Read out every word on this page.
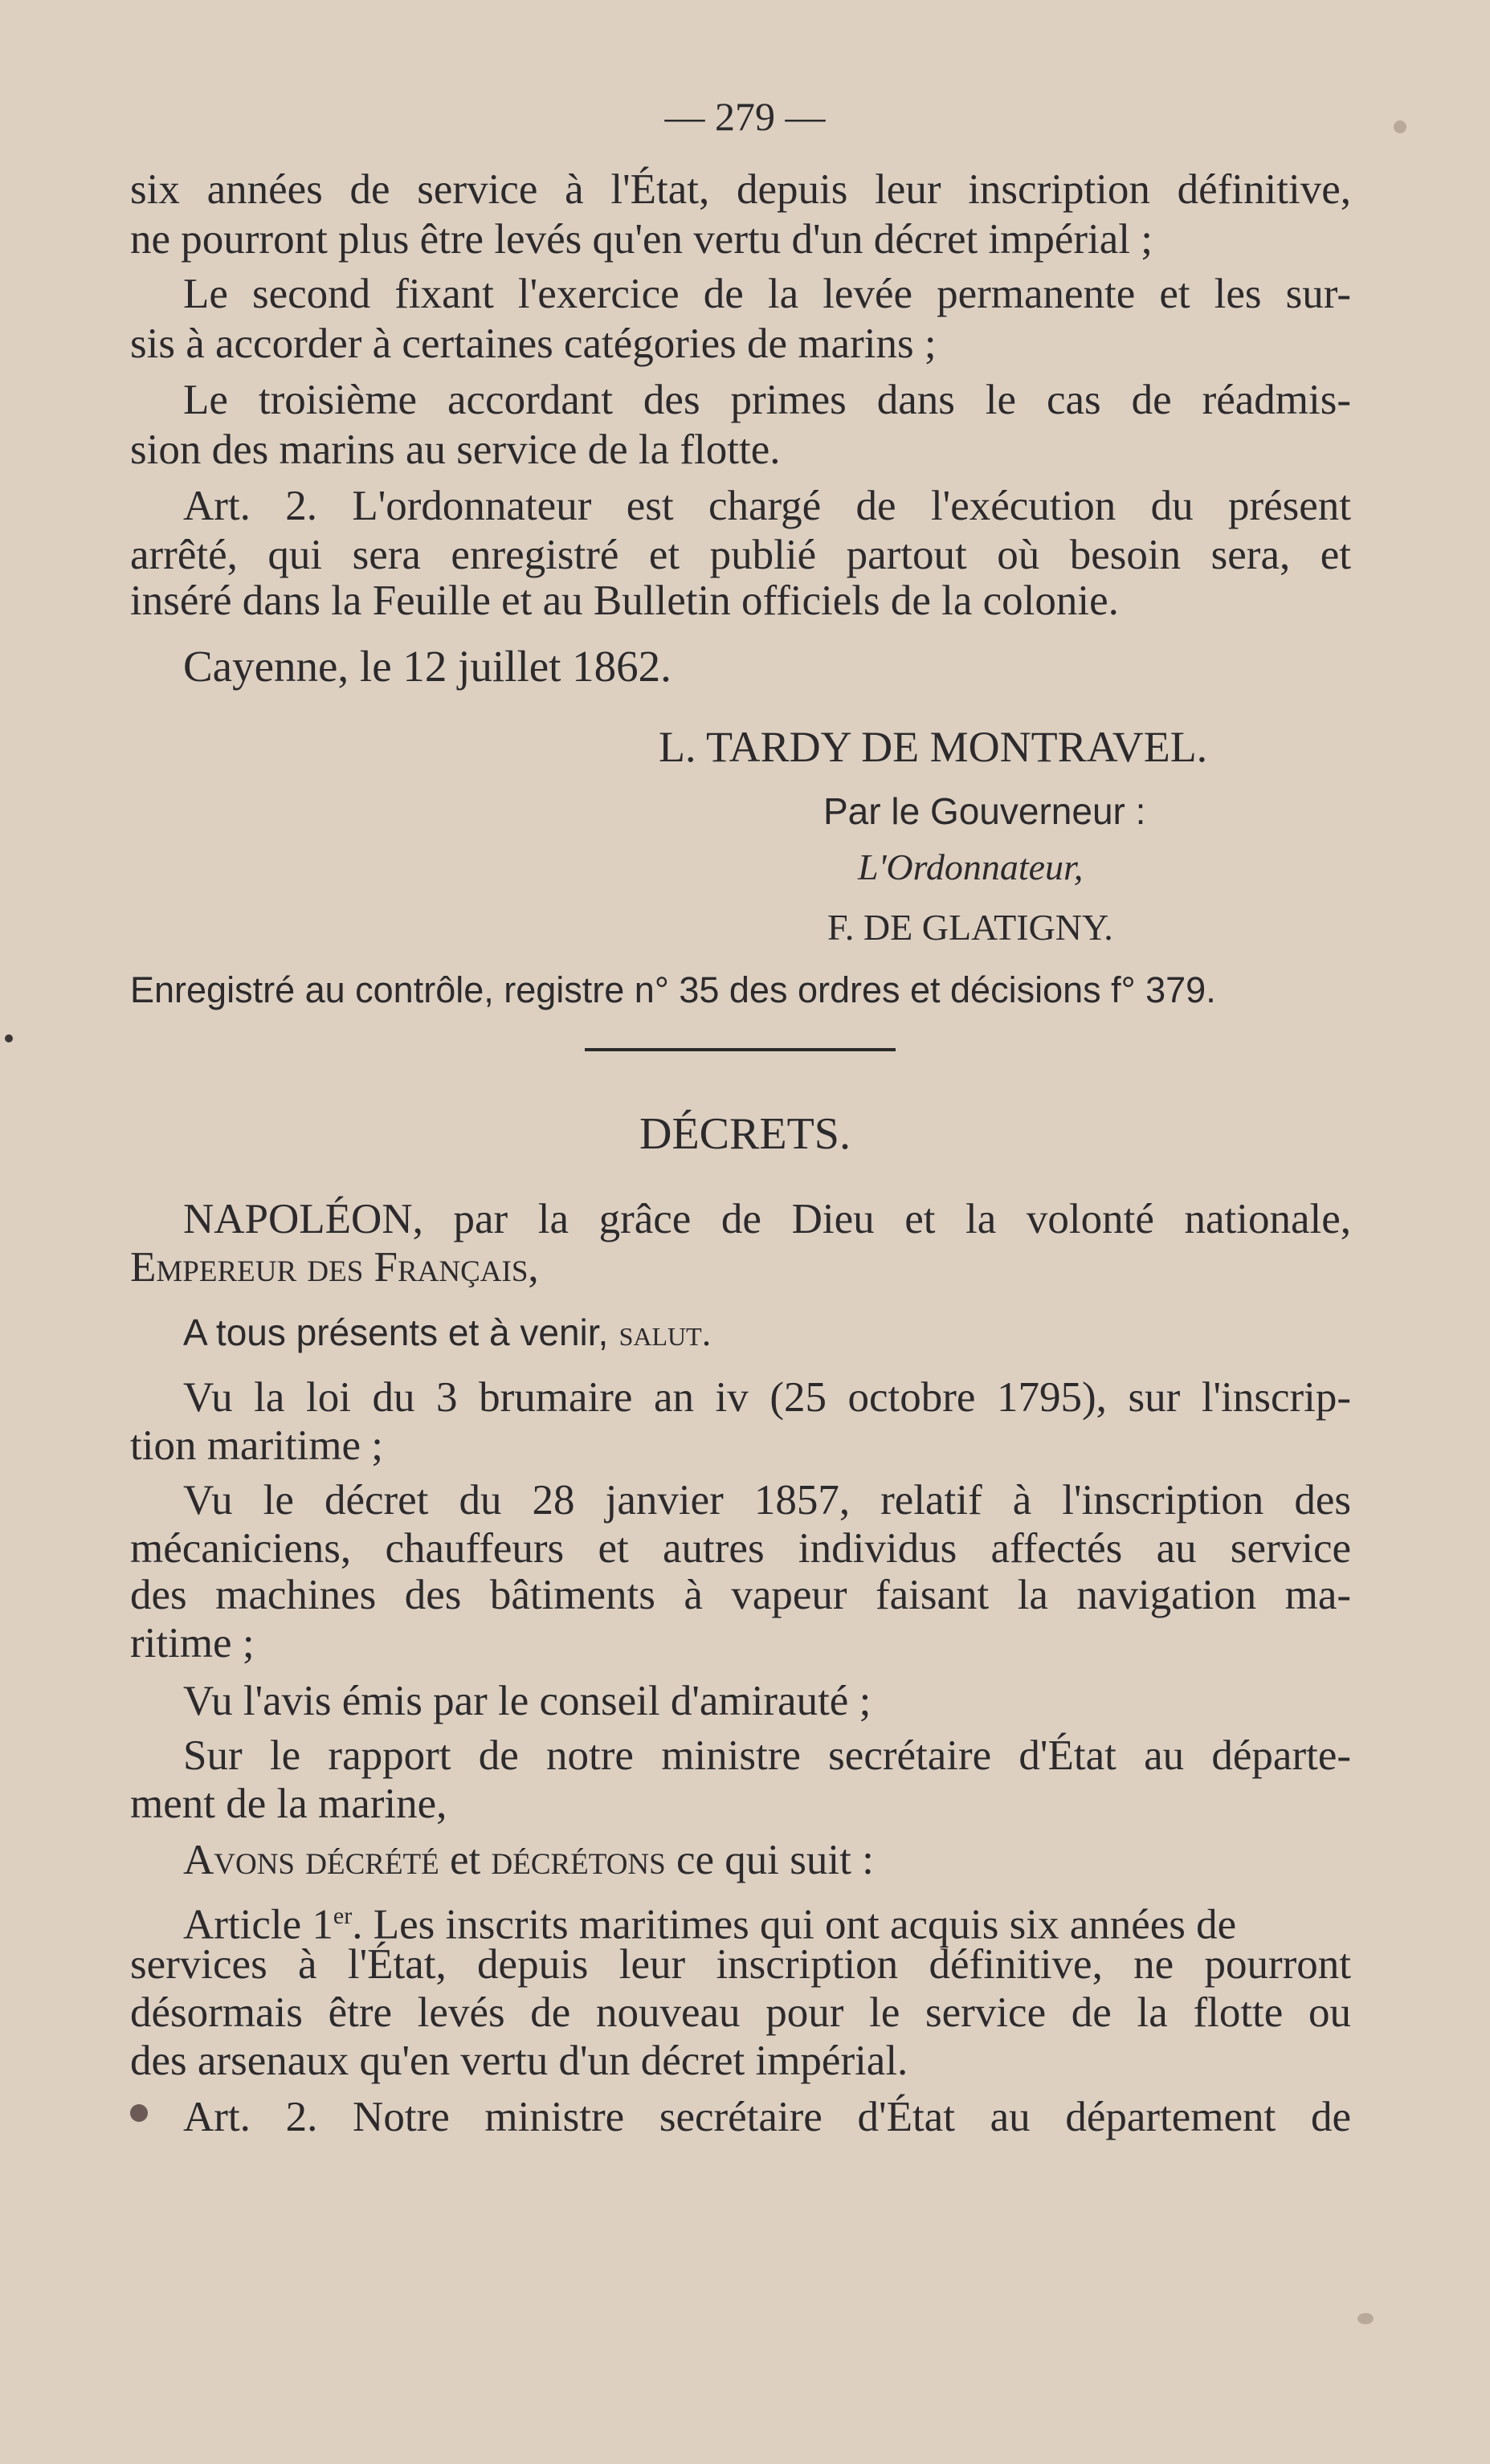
— 279 —
six années de service à l'État, depuis leur inscription définitive,
ne pourront plus être levés qu'en vertu d'un décret impérial ;
Le second fixant l'exercice de la levée permanente et les sur-
sis à accorder à certaines catégories de marins ;
Le troisième accordant des primes dans le cas de réadmis-
sion des marins au service de la flotte.
Art. 2. L'ordonnateur est chargé de l'exécution du présent
arrêté, qui sera enregistré et publié partout où besoin sera, et
inséré dans la Feuille et au Bulletin officiels de la colonie.
Cayenne, le 12 juillet 1862.
L. TARDY DE MONTRAVEL.
Par le Gouverneur :
L'Ordonnateur,
F. DE GLATIGNY.
Enregistré au contrôle, registre n° 35 des ordres et décisions f° 379.
DÉCRETS.
NAPOLÉON, par la grâce de Dieu et la volonté nationale,
Empereur des Français,
A tous présents et à venir, salut.
Vu la loi du 3 brumaire an iv (25 octobre 1795), sur l'inscrip-
tion maritime ;
Vu le décret du 28 janvier 1857, relatif à l'inscription des
mécaniciens, chauffeurs et autres individus affectés au service
des machines des bâtiments à vapeur faisant la navigation ma-
ritime ;
Vu l'avis émis par le conseil d'amirauté ;
Sur le rapport de notre ministre secrétaire d'État au départe-
ment de la marine,
Avons décrété et décrétons ce qui suit :
Article 1er. Les inscrits maritimes qui ont acquis six années de
services à l'État, depuis leur inscription définitive, ne pourront
désormais être levés de nouveau pour le service de la flotte ou
des arsenaux qu'en vertu d'un décret impérial.
Art. 2. Notre ministre secrétaire d'État au département de
